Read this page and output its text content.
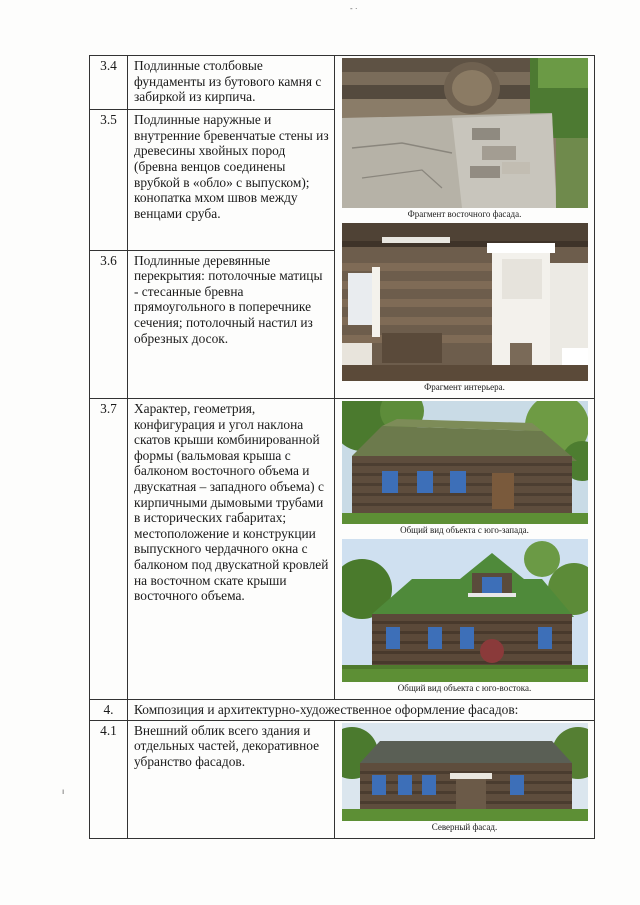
‑ ·
ı
3.4	Подлинные столбовые фундаменты из бутового камня с забиркой из кирпича.	Фрагмент восточного фасада.
Фрагмент интерьера.

3.5	Подлинные наружные и внутренние бревенчатые стены из древесины хвойных пород (бревна венцов соединены врубкой в «обло» с выпуском); конопатка мхом швов между венцами сруба.	
3.6	Подлинные деревянные перекрытия: потолочные матицы - стесанные бревна прямоугольного в поперечнике сечения; потолочный настил из обрезных досок.	
3.7	Характер, геометрия, конфигурация и угол наклона скатов крыши комбинированной формы (вальмовая крыша с балконом восточного объема и двускатная – западного объема) с кирпичными дымовыми трубами в исторических габаритах; местоположение и конструкции выпускного чердачного окна с балконом под двускатной кровлей на восточном скате крыши восточного объема.	Общий вид объекта с юго-запада.
Общий вид объекта с юго-востока.

4.	Композиция и архитектурно-художественное оформление фасадов:	
4.1	Внешний облик всего здания и отдельных частей, декоративное убранство фасадов.	Северный фасад.
